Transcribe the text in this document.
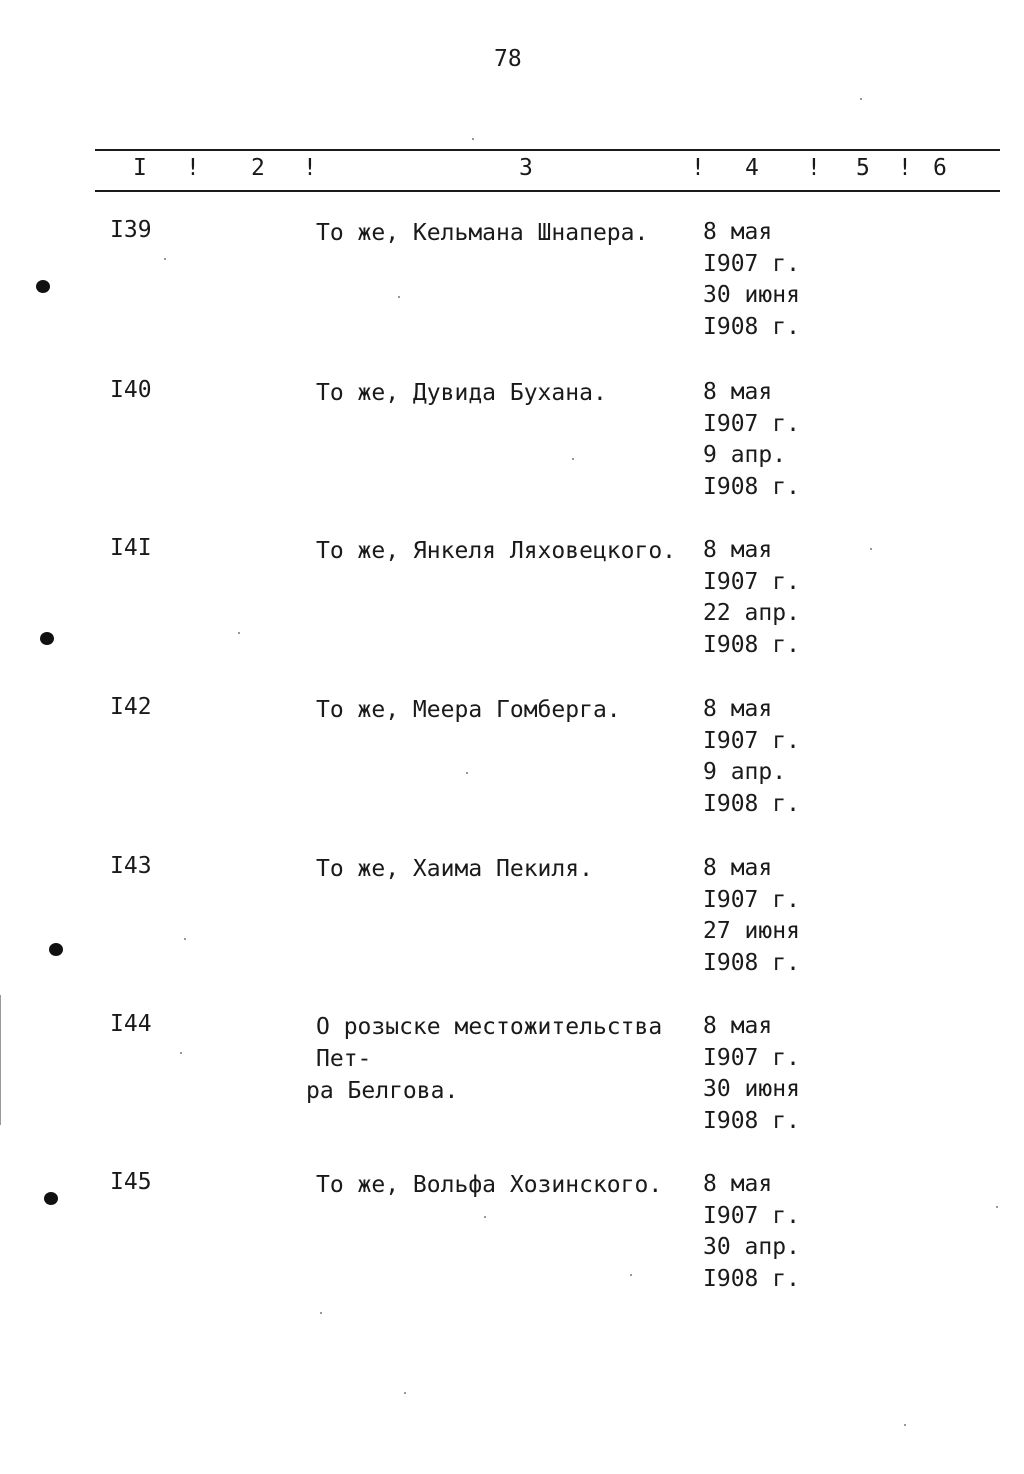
78
I ! 2 !	3	! 4 ! 5 ! 6
I39	То же, Кельмана Шнапера.	8 мая
I907 г.
30 июня
I908 г.
I40	То же, Дувида Бухана.	8 мая
I907 г.
9 апр.
I908 г.
I4I	То же, Янкеля Ляховецкого.	8 мая
I907 г.
22 апр.
I908 г.
I42	То же, Меера Гомберга.	8 мая
I907 г.
9 апр.
I908 г.
I43	То же, Хаима Пекиля.	8 мая
I907 г.
27 июня
I908 г.
I44	О розыске местожительства Пет-
ра Белгова.
8 мая
I907 г.
30 июня
I908 г.
I45	То же, Вольфа Хозинского.	8 мая
I907 г.
30 апр.
I908 г.
